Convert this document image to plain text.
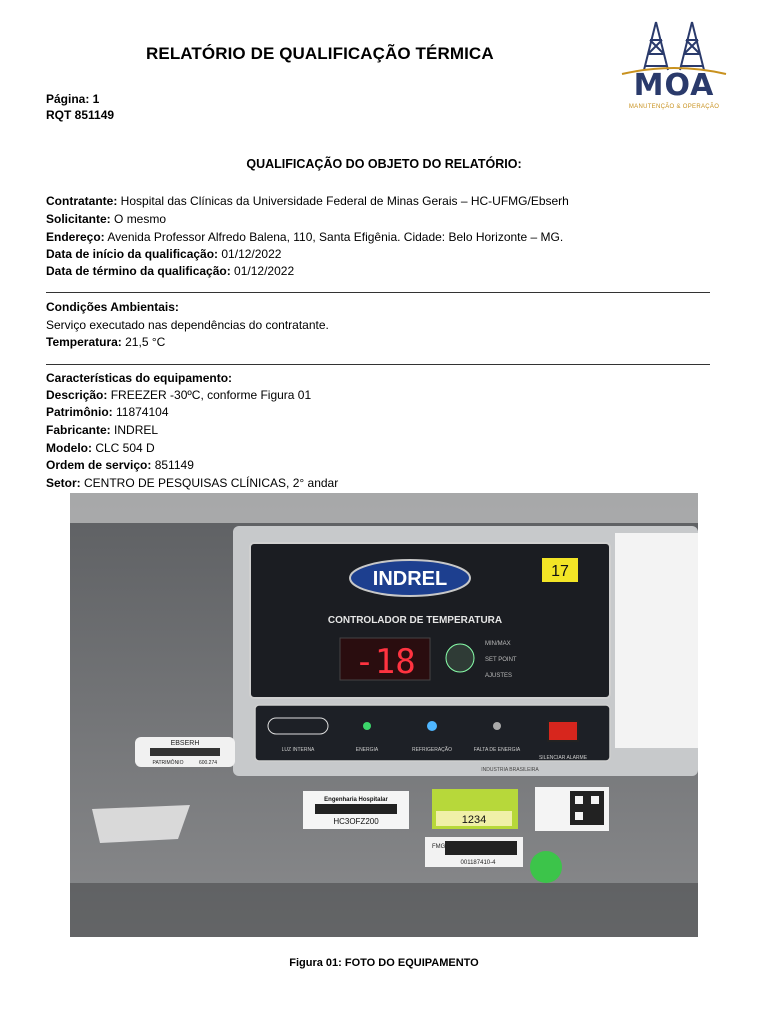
RELATÓRIO DE QUALIFICAÇÃO TÉRMICA
MOA
MANUTENÇÃO & OPERAÇÃO
Página: 1
RQT 851149
QUALIFICAÇÃO DO OBJETO DO RELATÓRIO:
Contratante: Hospital das Clínicas da Universidade Federal de Minas Gerais – HC-UFMG/Ebserh
Solicitante: O mesmo
Endereço: Avenida Professor Alfredo Balena, 110, Santa Efigênia. Cidade: Belo Horizonte – MG.
Data de início da qualificação: 01/12/2022
Data de término da qualificação: 01/12/2022
Condições Ambientais:
Serviço executado nas dependências do contratante.
Temperatura: 21,5 °C
Características do equipamento:
Descrição: FREEZER -30ºC, conforme Figura 01
Patrimônio: 11874104
Fabricante: INDREL
Modelo: CLC 504 D
Ordem de serviço: 851149
Setor: CENTRO DE PESQUISAS CLÍNICAS, 2° andar
INDREL	17
CONTROLADOR DE TEMPERATURA
-18	MIN/MAX
SET POINT
AJUSTES
LUZ INTERNA	ENERGIA	REFRIGERAÇÃO	FALTA DE ENERGIA
SILENCIAR ALARME
INDUSTRIA BRASILEIRA
EBSERH
PATRIMÔNIO	600.274
Engenharia Hospitalar
HC3OFZ200	1234
FMG
001187410-4
Figura 01: FOTO DO EQUIPAMENTO
